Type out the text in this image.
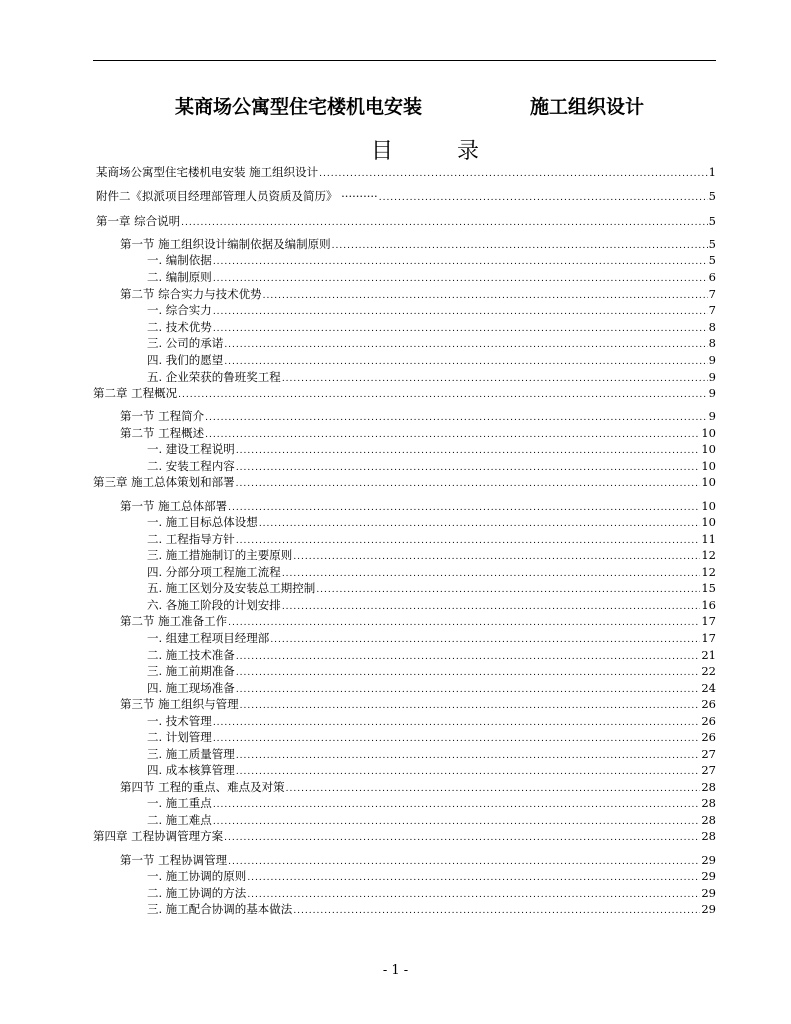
某商场公寓型住宅楼机电安装	施工组织设计
目	录
某商场公寓型住宅楼机电安装 施工组织设计 .....	1
附件二《拟派项目经理部管理人员资质及简历》 ·········· .....	5
第一章 综合说明 .....	5
第一节 施工组织设计编制依据及编制原则 .....	5
一. 编制依据 .....	5
二. 编制原则 .....	6
第二节 综合实力与技术优势 .....	7
一. 综合实力 .....	7
二. 技术优势 .....	8
三. 公司的承诺 .....	8
四. 我们的愿望 .....	9
五. 企业荣获的鲁班奖工程 .....	9
第二章 工程概况 .....	9
第一节 工程简介 .....	9
第二节 工程概述 .....	10
一. 建设工程说明 .....	10
二. 安装工程内容 .....	10
第三章 施工总体策划和部署 .....	10
第一节 施工总体部署 .....	10
一. 施工目标总体设想 .....	10
二. 工程指导方针 .....	11
三. 施工措施制订的主要原则 .....	12
四. 分部分项工程施工流程 .....	12
五. 施工区划分及安装总工期控制 .....	15
六. 各施工阶段的计划安排 .....	16
第二节 施工准备工作 .....	17
一. 组建工程项目经理部 .....	17
二. 施工技术准备 .....	21
三. 施工前期准备 .....	22
四. 施工现场准备 .....	24
第三节 施工组织与管理 .....	26
一. 技术管理 .....	26
二. 计划管理 .....	26
三. 施工质量管理 .....	27
四. 成本核算管理 .....	27
第四节 工程的重点、难点及对策 .....	28
一. 施工重点 .....	28
二. 施工难点 .....	28
第四章 工程协调管理方案 .....	28
第一节 工程协调管理 .....	29
一. 施工协调的原则 .....	29
二. 施工协调的方法 .....	29
三. 施工配合协调的基本做法 .....	29
- 1 -
